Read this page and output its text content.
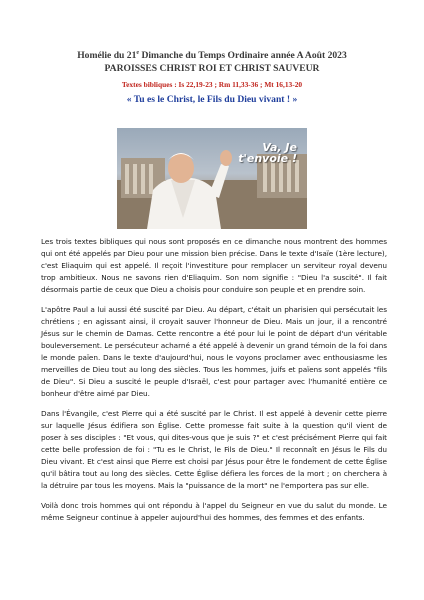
Homélie du 21e Dimanche du Temps Ordinaire année A Août 2023
PAROISSES CHRIST ROI ET CHRIST SAUVEUR
Textes bibliques : Is 22,19-23 ; Rm 11,33-36 ; Mt 16,13-20
« Tu es le Christ, le Fils du Dieu vivant ! »
Va, Je
t'envoie !

Les trois textes bibliques qui nous sont proposés en ce dimanche nous montrent des hommes qui ont été appelés par Dieu pour une mission bien précise. Dans le texte d'Isaïe (1ère lecture), c'est Eliaquim qui est appelé. Il reçoit l'investiture pour remplacer un serviteur royal devenu trop ambitieux. Nous ne savons rien d'Eliaquim. Son nom signifie : "Dieu l'a suscité". Il fait désormais partie de ceux que Dieu a choisis pour conduire son peuple et en prendre soin.

L'apôtre Paul a lui aussi été suscité par Dieu. Au départ, c'était un pharisien qui persécutait les chrétiens ; en agissant ainsi, il croyait sauver l'honneur de Dieu. Mais un jour, il a rencontré Jésus sur le chemin de Damas. Cette rencontre a été pour lui le point de départ d'un véritable bouleversement. Le persécuteur acharné a été appelé à devenir un grand témoin de la foi dans le monde païen. Dans le texte d'aujourd'hui, nous le voyons proclamer avec enthousiasme les merveilles de Dieu tout au long des siècles. Tous les hommes, juifs et païens sont appelés "fils de Dieu". Si Dieu a suscité le peuple d'Israël, c'est pour partager avec l'humanité entière ce bonheur d'être aimé par Dieu.

Dans l'Évangile, c'est Pierre qui a été suscité par le Christ. Il est appelé à devenir cette pierre sur laquelle Jésus édifiera son Église. Cette promesse fait suite à la question qu'il vient de poser à ses disciples : "Et vous, qui dites-vous que je suis ?" et c'est précisément Pierre qui fait cette belle profession de foi : "Tu es le Christ, le Fils de Dieu." Il reconnaît en Jésus le Fils du Dieu vivant. Et c'est ainsi que Pierre est choisi par Jésus pour être le fondement de cette Église qu'il bâtira tout au long des siècles. Cette Église défiera les forces de la mort ; on cherchera à la détruire par tous les moyens. Mais la "puissance de la mort" ne l'emportera pas sur elle.

Voilà donc trois hommes qui ont répondu à l'appel du Seigneur en vue du salut du monde. Le même Seigneur continue à appeler aujourd'hui des hommes, des femmes et des enfants.
